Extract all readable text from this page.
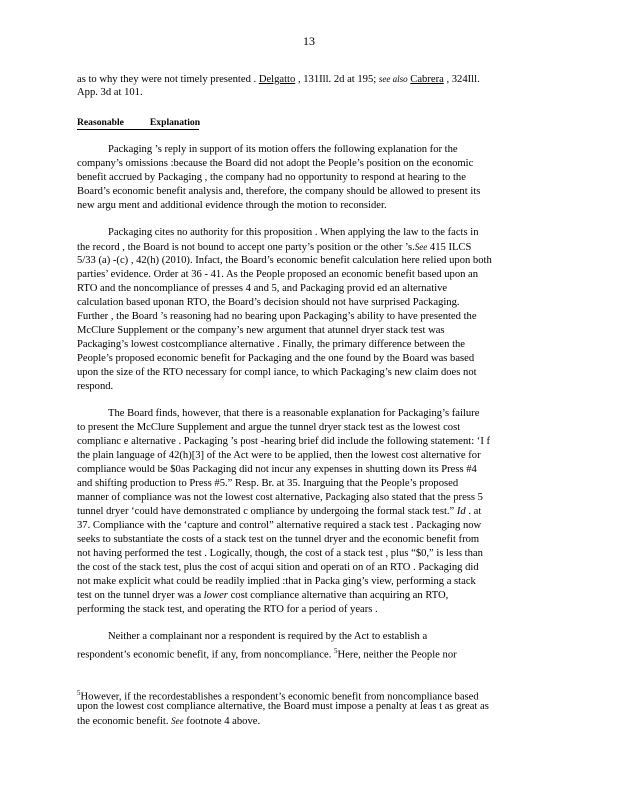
13
as to why they were not timely presented . Delgatto , 131Ill. 2d at 195; see also Cabrera , 324Ill.
App. 3d at 101.
Reasonable	Explanation
Packaging ’s reply in support of its motion offers the following explanation for the
company’s omissions :because the Board did not adopt the People’s position on the economic
benefit accrued by Packaging , the company had no opportunity to respond at hearing to the
Board’s economic benefit analysis and, therefore, the company should be allowed to present its
new argu ment and additional evidence through the motion to reconsider.
Packaging cites no authority for this proposition . When applying the law to the facts in
the record , the Board is not bound to accept one party’s position or the other ’s.See 415 ILCS
5/33 (a) -(c) , 42(h) (2010). Infact, the Board’s economic benefit calculation here relied upon both
parties’ evidence. Order at 36 - 41. As the People proposed an economic benefit based upon an
RTO and the noncompliance of presses 4 and 5, and Packaging provid ed an alternative
calculation based uponan RTO, the Board’s decision should not have surprised Packaging.
Further , the Board ’s reasoning had no bearing upon Packaging’s ability to have presented the
McClure Supplement or the company’s new argument that atunnel dryer stack test was
Packaging’s lowest costcompliance alternative . Finally, the primary difference between the
People’s proposed economic benefit for Packaging and the one found by the Board was based
upon the size of the RTO necessary for compl iance, to which Packaging’s new claim does not
respond.
The Board finds, however, that there is a reasonable explanation for Packaging’s failure
to present the McClure Supplement and argue the tunnel dryer stack test as the lowest cost
complianc e alternative . Packaging ’s post -hearing brief did include the following statement: ‘I f
the plain language of 42(h)[3] of the Act were to be applied, then the lowest cost alternative for
compliance would be $0as Packaging did not incur any expenses in shutting down its Press #4
and shifting production to Press #5.” Resp. Br. at 35. Inarguing that the People’s proposed
manner of compliance was not the lowest cost alternative, Packaging also stated that the press 5
tunnel dryer ‘could have demonstrated c ompliance by undergoing the formal stack test.” Id . at
37. Compliance with the ‘capture and control” alternative required a stack test . Packaging now
seeks to substantiate the costs of a stack test on the tunnel dryer and the economic benefit from
not having performed the test . Logically, though, the cost of a stack test , plus “$0,” is less than
the cost of the stack test, plus the cost of acqui sition and operati on of an RTO . Packaging did
not make explicit what could be readily implied :that in Packa ging’s view, performing a stack
test on the tunnel dryer was a lower cost compliance alternative than acquiring an RTO,
performing the stack test, and operating the RTO for a period of years .
Neither a complainant nor a respondent is required by the Act to establish a
respondent’s economic benefit, if any, from noncompliance. $^5$Here, neither the People nor
$^5$However, if the recordestablishes a respondent’s economic benefit from noncompliance based
upon the lowest cost compliance alternative, the Board must impose a penalty at leas t as great as
the economic benefit. See footnote 4 above.
